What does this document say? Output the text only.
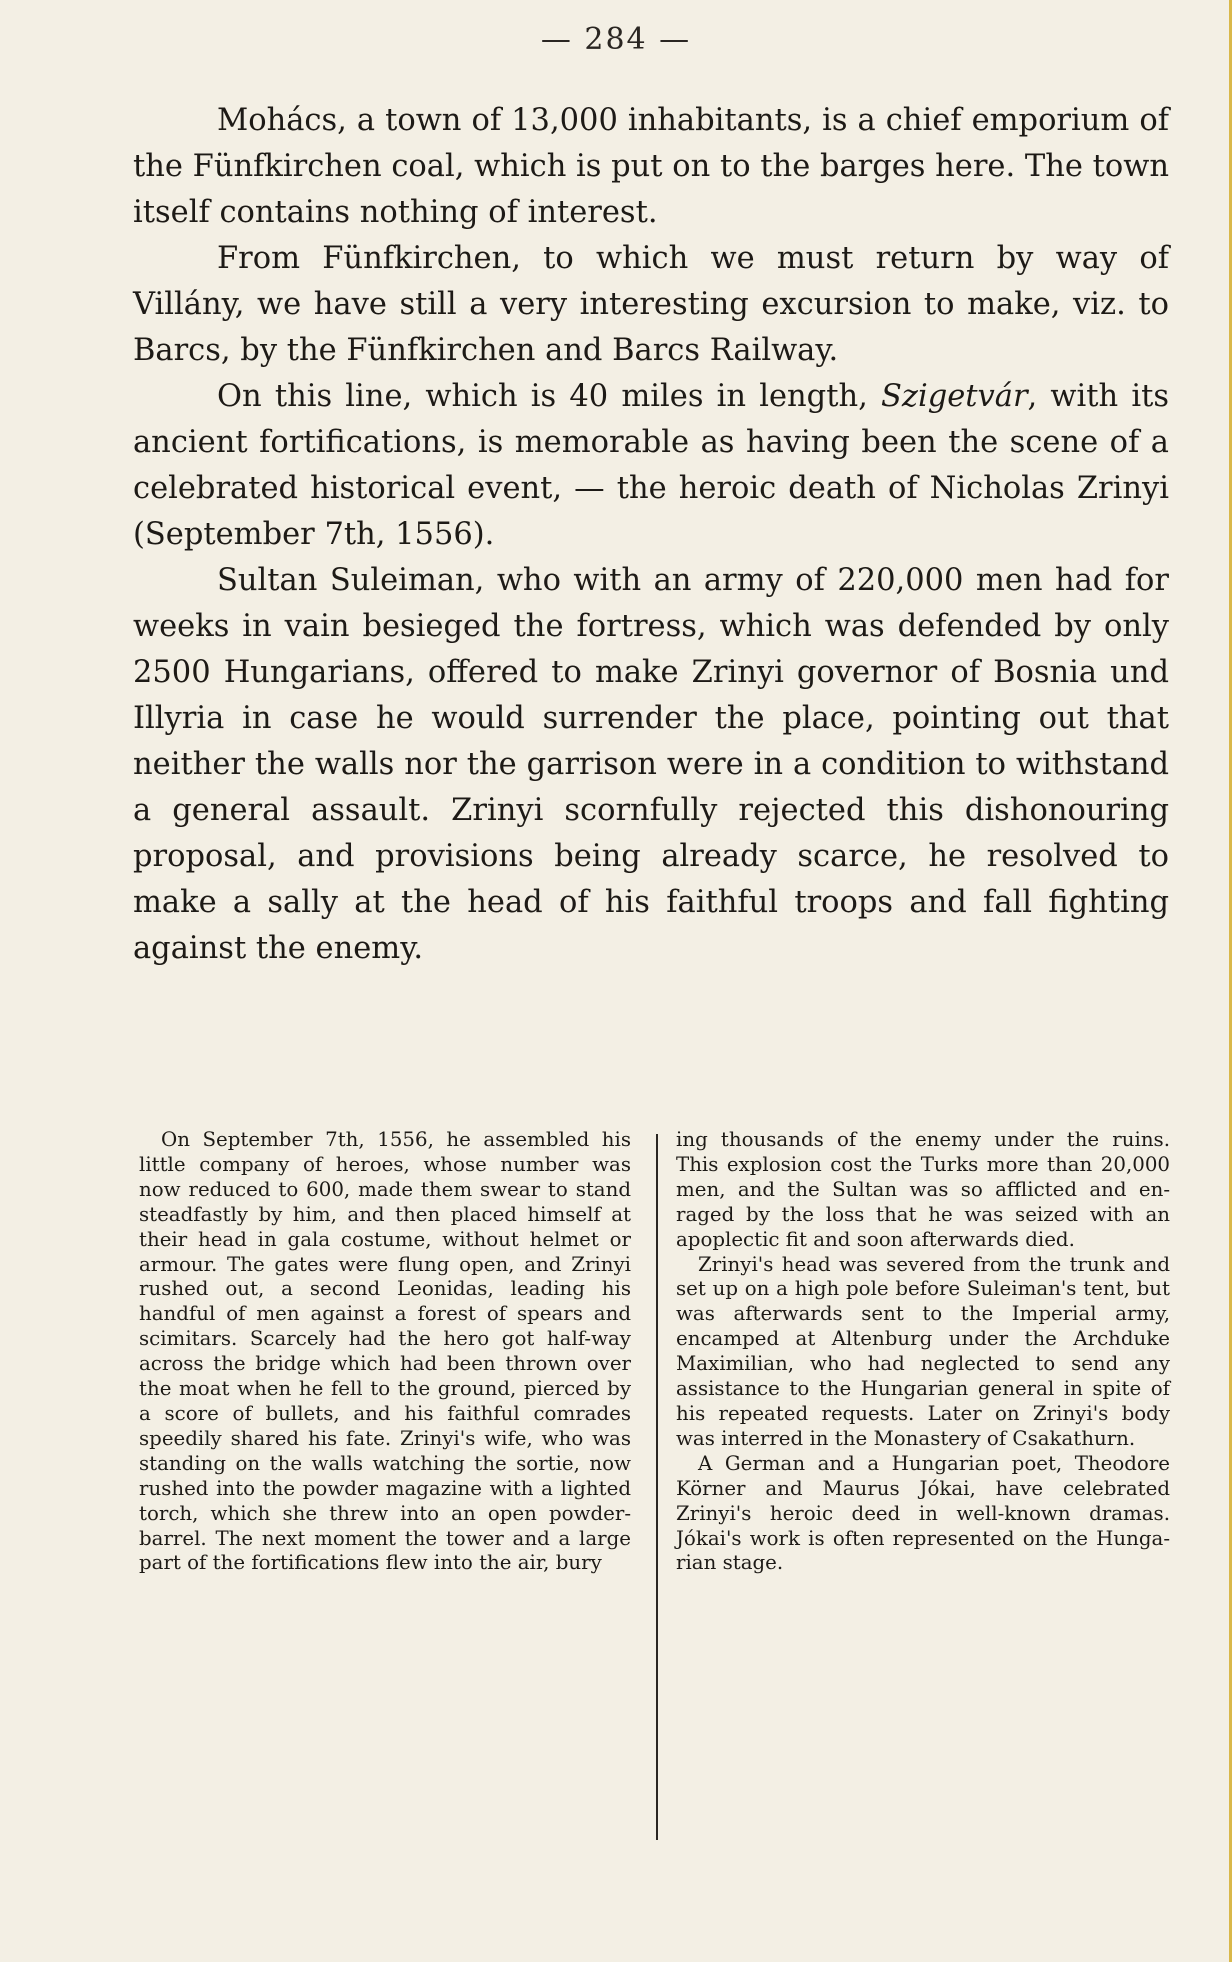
— 284 —

Mohács, a town of 13,000 inhabitants, is a chief emporium of the Fünfkirchen coal, which is put on to the barges here. The town itself contains nothing of interest.

From Fünfkirchen, to which we must return by way of Villány, we have still a very interesting excursion to make, viz. to Barcs, by the Fünfkirchen and Barcs Railway.

On this line, which is 40 miles in length, Szigetvár, with its ancient fortifications, is memorable as having been the scene of a celebrated historical event, — the heroic death of Nicholas Zrinyi (September 7th, 1556).

Sultan Suleiman, who with an army of 220,000 men had for weeks in vain besieged the fortress, which was defended by only 2500 Hungarians, offered to make Zrinyi governor of Bosnia und Illyria in case he would surrender the place, pointing out that neither the walls nor the garrison were in a condition to withstand a general assault. Zrinyi scornfully rejected this dishonouring proposal, and provisions being already scarce, he resolved to make a sally at the head of his faithful troops and fall fighting against the enemy.

On September 7th, 1556, he assembled his little company of heroes, whose number was now reduced to 600, made them swear to stand steadfastly by him, and then placed himself at their head in gala costume, without helmet or armour. The gates were flung open, and Zrinyi rushed out, a second Leonidas, leading his handful of men against a forest of spears and scimitars. Scarcely had the hero got half-way across the bridge which had been thrown over the moat when he fell to the ground, pierced by a score of bullets, and his faithful comrades speedily shared his fate. Zrinyi's wife, who was standing on the walls watching the sortie, now rushed into the powder magazine with a lighted torch, which she threw into an open powder-barrel. The next moment the tower and a large part of the fortifications flew into the air, bury

ing thousands of the enemy under the ruins. This explosion cost the Turks more than 20,000 men, and the Sultan was so afflicted and enraged by the loss that he was seized with an apoplectic fit and soon afterwards died.

Zrinyi's head was severed from the trunk and set up on a high pole before Suleiman's tent, but was afterwards sent to the Imperial army, encamped at Altenburg under the Archduke Maximilian, who had neglected to send any assistance to the Hungarian general in spite of his repeated requests. Later on Zrinyi's body was interred in the Monastery of Csakathurn.

A German and a Hungarian poet, Theodore Körner and Maurus Jókai, have celebrated Zrinyi's heroic deed in well-known dramas. Jókai's work is often represented on the Hungarian stage.
